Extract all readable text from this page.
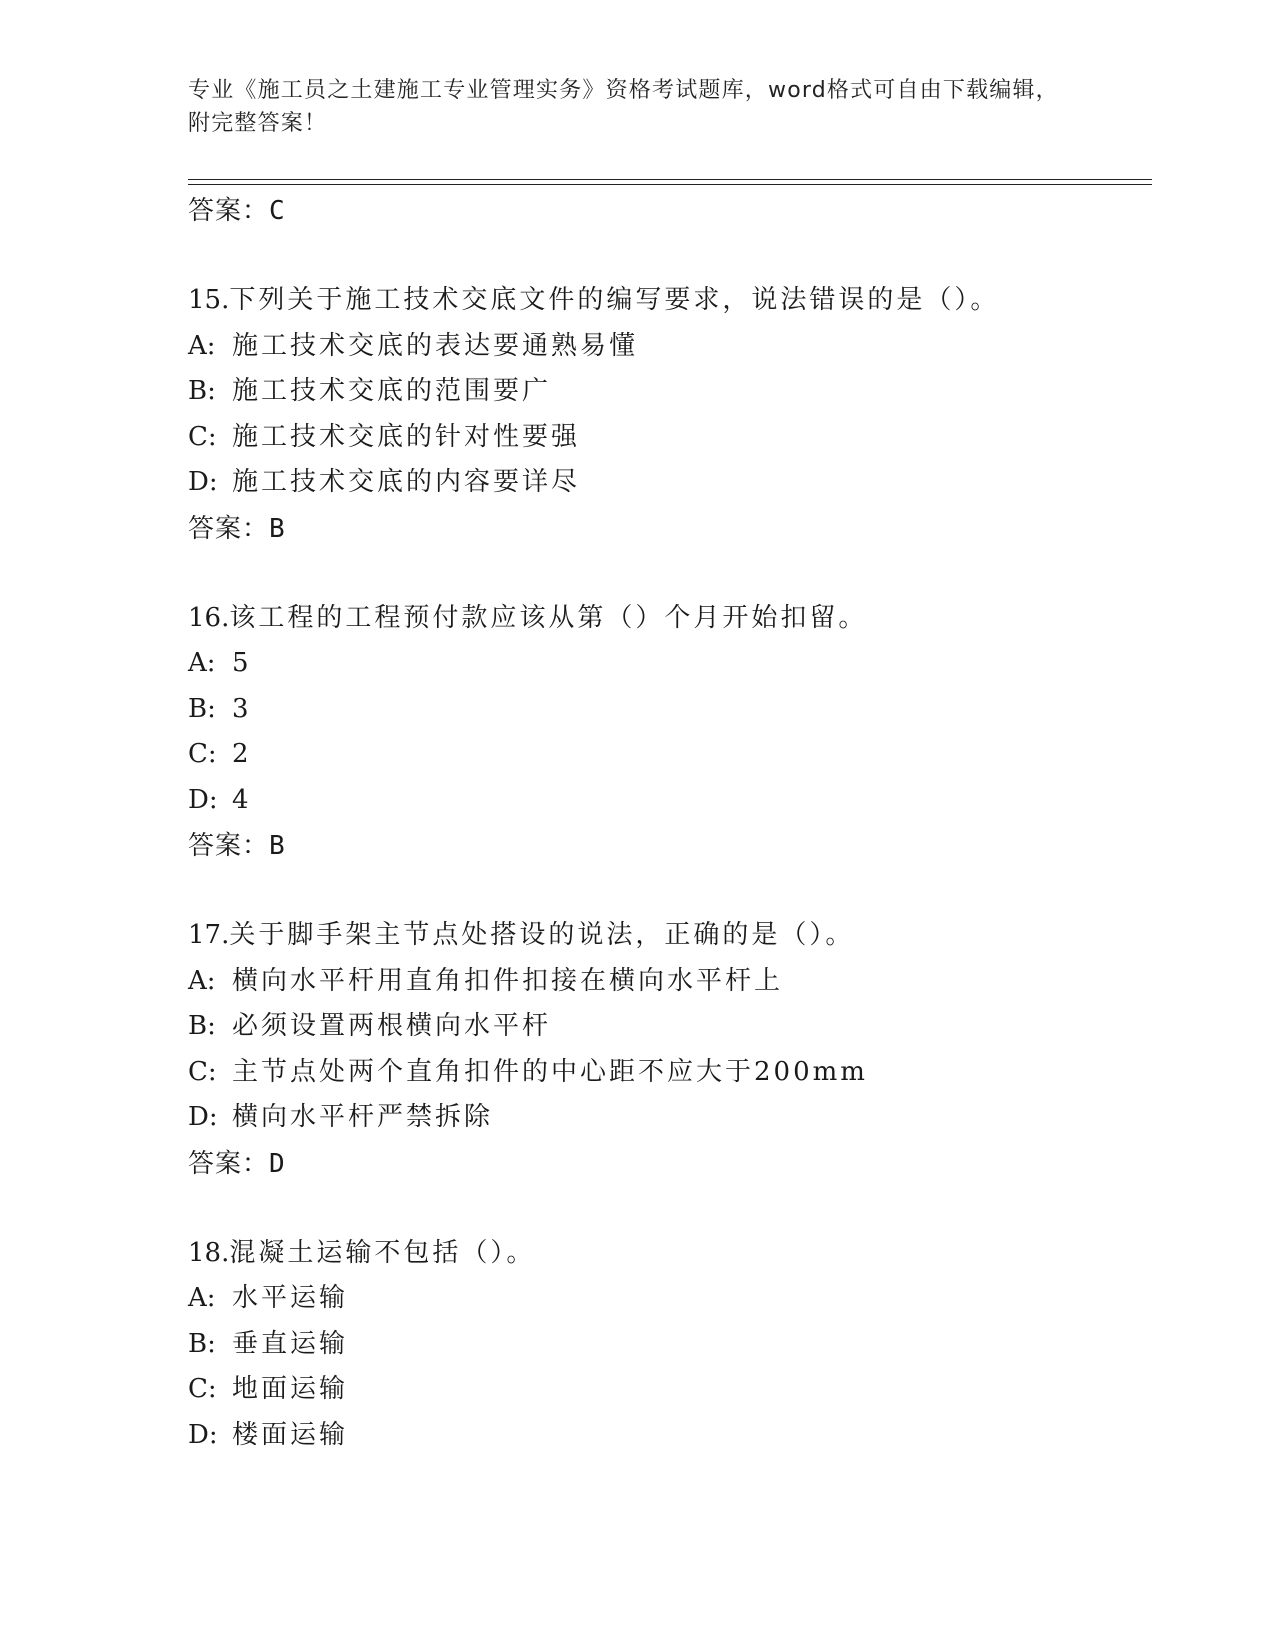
专业《施工员之土建施工专业管理实务》资格考试题库，word格式可自由下载编辑，附完整答案！
答案：C
15.下列关于施工技术交底文件的编写要求，说法错误的是（）。
A: 施工技术交底的表达要通熟易懂
B: 施工技术交底的范围要广
C: 施工技术交底的针对性要强
D: 施工技术交底的内容要详尽
答案：B
16.该工程的工程预付款应该从第（）个月开始扣留。
A: 5
B: 3
C: 2
D: 4
答案：B
17.关于脚手架主节点处搭设的说法，正确的是（）。
A: 横向水平杆用直角扣件扣接在横向水平杆上
B: 必须设置两根横向水平杆
C: 主节点处两个直角扣件的中心距不应大于200mm
D: 横向水平杆严禁拆除
答案：D
18.混凝土运输不包括（）。
A: 水平运输
B: 垂直运输
C: 地面运输
D: 楼面运输
